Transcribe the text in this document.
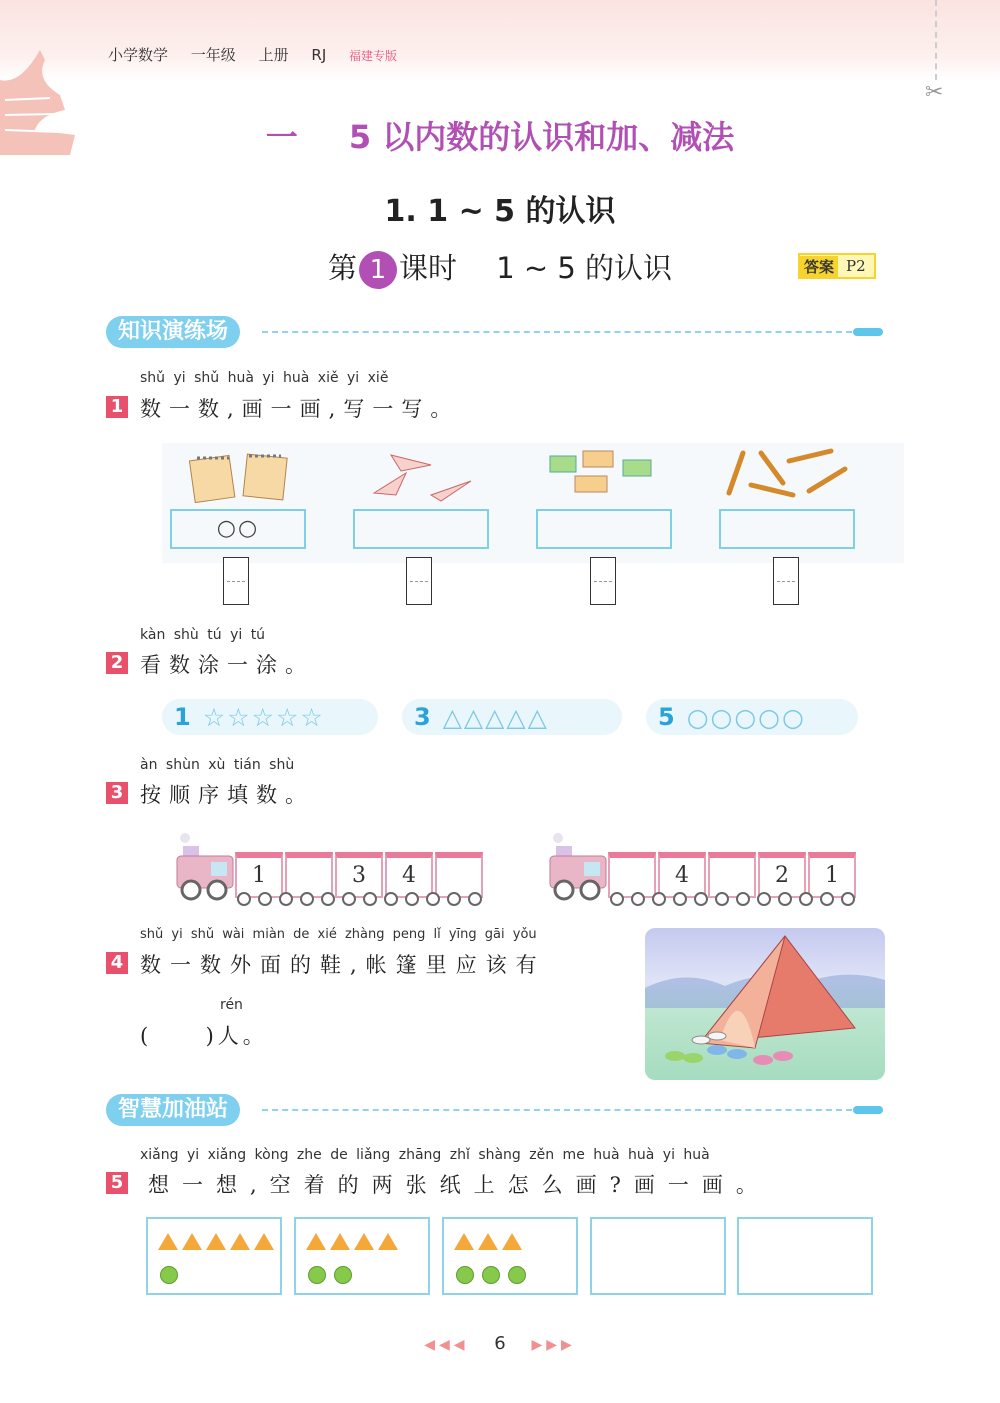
小学数学 一年级 上册 RJ 福建专版
✂
一 5 以内数的认识和加、减法
1. 1 ~ 5 的认识
第 1 课时 1 ~ 5 的认识	答案 P2
知识演练场
shǔ yi shǔ huà yi huà xiě yi xiě
1 数一数,画一画,写一写。
○○
kàn shù tú yi tú
2 看数涂一涂。
1 ☆☆☆☆☆	3 △△△△△	5 ○○○○○
àn shùn xù tián shù
3 按顺序填数。
1	3	4	4	2	1
shǔ yi shǔ wài miàn de xié zhàng peng lǐ yīng gāi yǒu
4 数一数外面的鞋,帐篷里应该有
rén
(     )人。
智慧加油站
xiǎng yi xiǎng kòng zhe de liǎng zhāng zhǐ shàng zěn me huà huà yi huà
5 想一想,空着的两张纸上怎么画?画一画。
◀◀◀ 6 ▶▶▶
